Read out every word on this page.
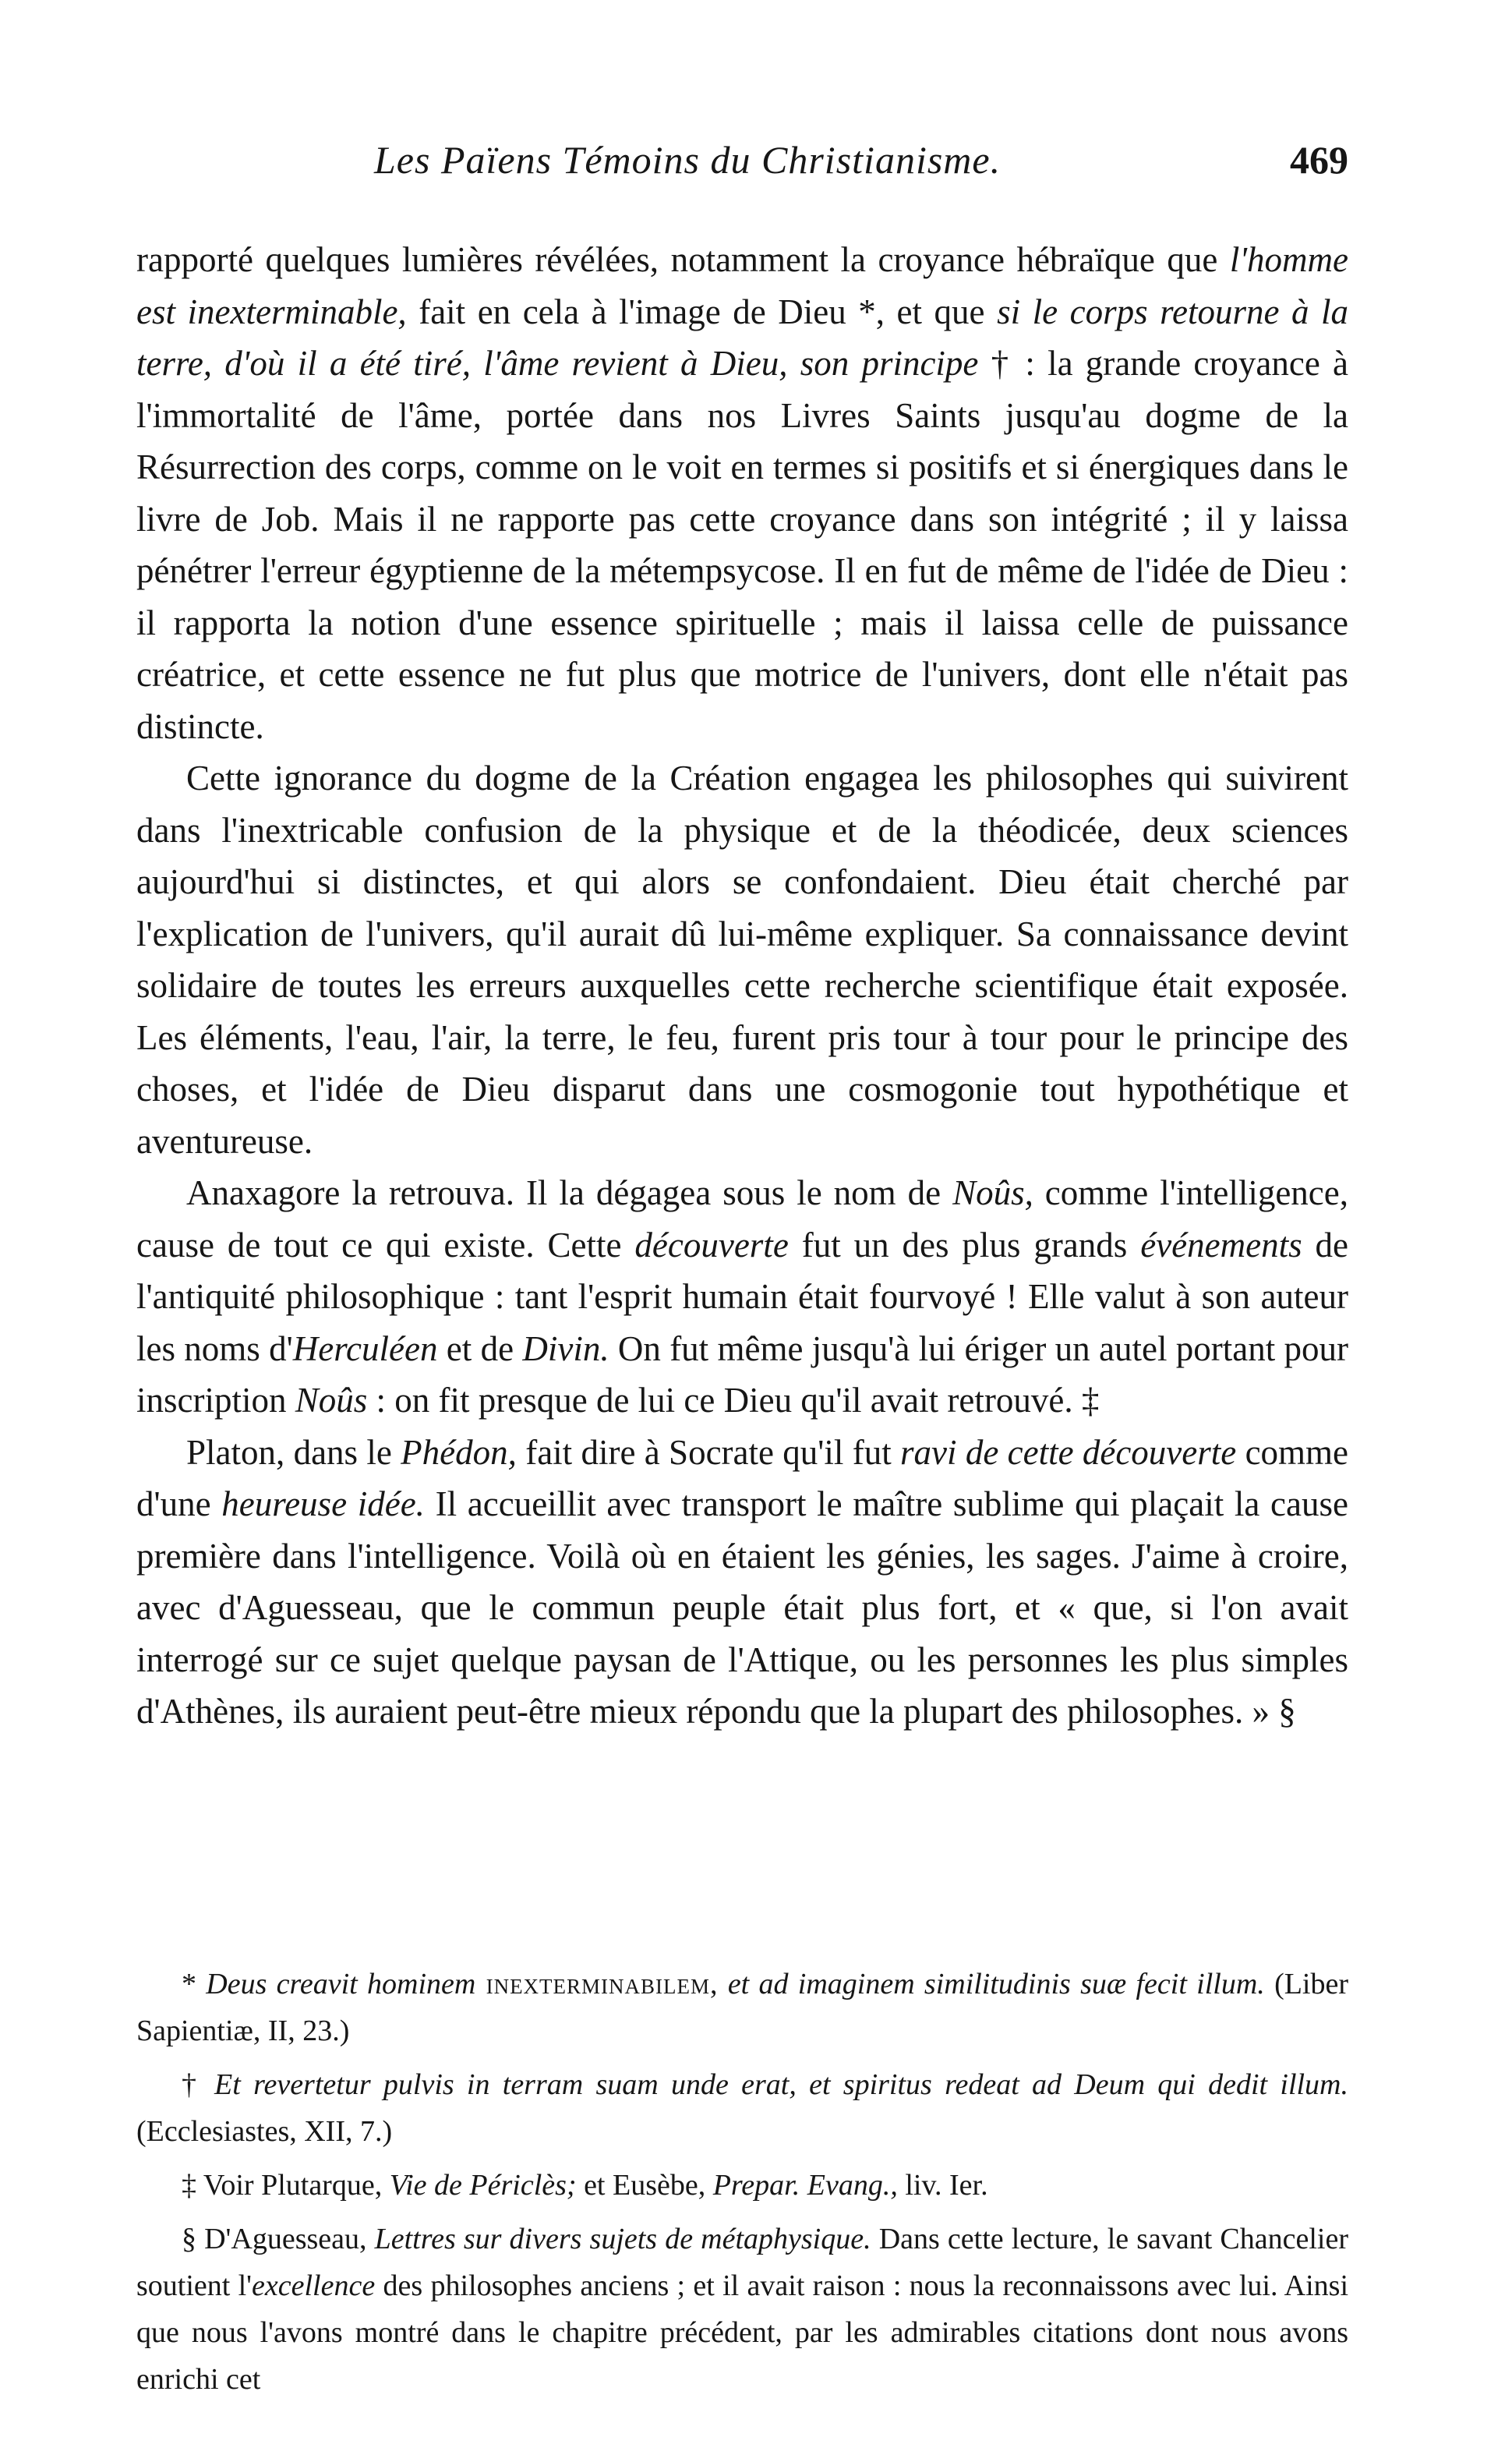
Les Païens Témoins du Christianisme.	469

rapporté quelques lumières révélées, notamment la croyance hébraïque que l'homme est inexterminable, fait en cela à l'image de Dieu *, et que si le corps retourne à la terre, d'où il a été tiré, l'âme revient à Dieu, son principe † : la grande croyance à l'immortalité de l'âme, portée dans nos Livres Saints jusqu'au dogme de la Résurrection des corps, comme on le voit en termes si positifs et si énergiques dans le livre de Job. Mais il ne rapporte pas cette croyance dans son intégrité ; il y laissa pénétrer l'erreur égyptienne de la métempsycose. Il en fut de même de l'idée de Dieu : il rapporta la notion d'une essence spirituelle ; mais il laissa celle de puissance créatrice, et cette essence ne fut plus que motrice de l'univers, dont elle n'était pas distincte.

Cette ignorance du dogme de la Création engagea les philosophes qui suivirent dans l'inextricable confusion de la physique et de la théodicée, deux sciences aujourd'hui si distinctes, et qui alors se confondaient. Dieu était cherché par l'explication de l'univers, qu'il aurait dû lui-même expliquer. Sa connaissance devint solidaire de toutes les erreurs auxquelles cette recherche scientifique était exposée. Les éléments, l'eau, l'air, la terre, le feu, furent pris tour à tour pour le principe des choses, et l'idée de Dieu disparut dans une cosmogonie tout hypothétique et aventureuse.

Anaxagore la retrouva. Il la dégagea sous le nom de Noûs, comme l'intelligence, cause de tout ce qui existe. Cette découverte fut un des plus grands événements de l'antiquité philosophique : tant l'esprit humain était fourvoyé ! Elle valut à son auteur les noms d'Herculéen et de Divin. On fut même jusqu'à lui ériger un autel portant pour inscription Noûs : on fit presque de lui ce Dieu qu'il avait retrouvé. ‡

Platon, dans le Phédon, fait dire à Socrate qu'il fut ravi de cette découverte comme d'une heureuse idée. Il accueillit avec transport le maître sublime qui plaçait la cause première dans l'intelligence. Voilà où en étaient les génies, les sages. J'aime à croire, avec d'Aguesseau, que le commun peuple était plus fort, et « que, si l'on avait interrogé sur ce sujet quelque paysan de l'Attique, ou les personnes les plus simples d'Athènes, ils auraient peut-être mieux répondu que la plupart des philosophes. » §

* Deus creavit hominem inexterminabilem, et ad imaginem similitudinis suæ fecit illum. (Liber Sapientiæ, II, 23.)

† Et revertetur pulvis in terram suam unde erat, et spiritus redeat ad Deum qui dedit illum. (Ecclesiastes, XII, 7.)

‡ Voir Plutarque, Vie de Périclès; et Eusèbe, Prepar. Evang., liv. Ier.

§ D'Aguesseau, Lettres sur divers sujets de métaphysique. Dans cette lecture, le savant Chancelier soutient l'excellence des philosophes anciens ; et il avait raison : nous la reconnaissons avec lui. Ainsi que nous l'avons montré dans le chapitre précédent, par les admirables citations dont nous avons enrichi cet
